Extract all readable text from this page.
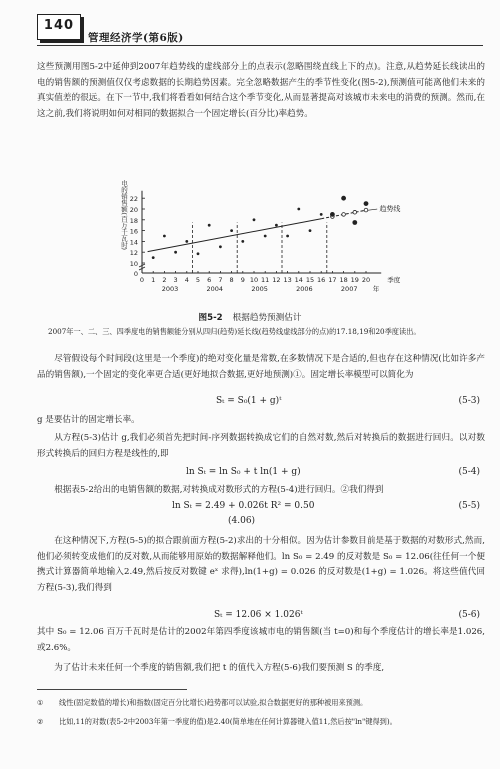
140
管理经济学(第6版)

这些预测用图5-2中延伸到2007年趋势线的虚线部分上的点表示(忽略围绕直线上下的点)。注意,从趋势延长线读出的电的销售额的预测值仅仅考虑数据的长期趋势因素。完全忽略数据产生的季节性变化(图5-2),预测值可能离他们未来的真实值差的很远。在下一节中,我们将看看如何结合这个季节变化,从而显著提高对该城市未来电的消费的预测。然而,在这之前,我们将说明如何对相同的数据拟合一个固定增长(百分比)率趋势。

0
10
12
14
16
18
20
22
电的销售额(百万千瓦时)
0 1 2 3 4 5 6 7 8 9 10 11 12 13 14 15 16 17 18 19 20	季度
2003	2004	2005	2006	2007 年
趋势线
图5-2 根据趋势预测估计
2007年一、二、三、四季度电的销售额能分别从四归(趋势)延长线(趋势线虚线部分的点)的17.18,19和20季度读出。

尽管假设每个时间段(这里是一个季度)的绝对变化量是常数,在多数情况下是合适的,但也存在这种情况(比如许多产品的销售额),一个固定的变化率更合适(更好地拟合数据,更好地预测)①。固定增长率模型可以简化为

Sₜ = S₀(1 + g)ᵗ	(5-3)

g 是要估计的固定增长率。

从方程(5-3)估计 g,我们必须首先把时间-序列数据转换成它们的自然对数,然后对转换后的数据进行回归。以对数形式转换后的回归方程是线性的,即

ln Sₜ = ln S₀ + t ln(1 + g)	(5-4)

根据表5-2给出的电销售额的数据,对转换成对数形式的方程(5-4)进行回归。②我们得到

ln Sₜ = 2.49 + 0.026t R² = 0.50	(5-5)
(4.06)

在这种情况下,方程(5-5)的拟合跟前面方程(5-2)求出的十分相似。因为估计参数目前是基于数据的对数形式,然而,他们必须转变成他们的反对数,从而能够用原始的数据解释他们。ln S₀ = 2.49 的反对数是 S₀ = 12.06(往任何一个便携式计算器简单地输入2.49,然后按反对数键 eˣ 求得),ln(1+g) = 0.026 的反对数是(1+g) = 1.026。将这些值代回方程(5-3),我们得到

Sₜ = 12.06 × 1.026ᵗ	(5-6)

其中 S₀ = 12.06 百万千瓦时是估计的2002年第四季度该城市电的销售额(当 t=0)和每个季度估计的增长率是1.026,或2.6%。

为了估计未来任何一个季度的销售额,我们把 t 的值代入方程(5-6)我们要预测 S 的季度,

① 线性(固定数值的增长)和指数(固定百分比增长)趋势都可以试验,拟合数据更好的那种被用来预测。
② 比如,11的对数(表5-2中2003年第一季度的值)是2.40(简单地在任何计算器键入值11,然后按"ln"键得到)。
